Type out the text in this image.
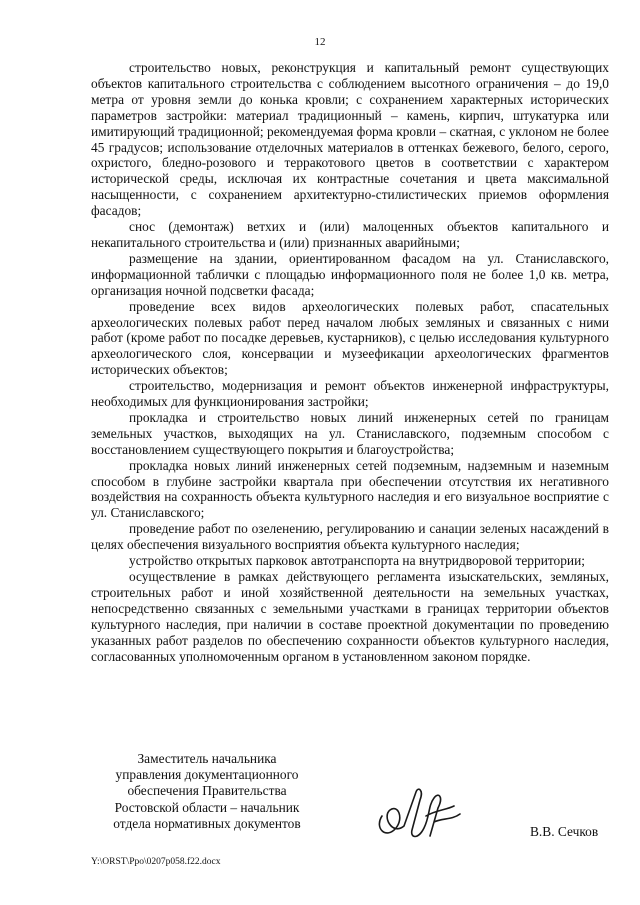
12

строительство новых, реконструкция и капитальный ремонт существующих объектов капитального строительства с соблюдением высотного ограничения – до 19,0 метра от уровня земли до конька кровли; с сохранением характерных исторических параметров застройки: материал традиционный – камень, кирпич, штукатурка или имитирующий традиционной; рекомендуемая форма кровли – скатная, с уклоном не более 45 градусов; использование отделочных материалов в оттенках бежевого, белого, серого, охристого, бледно-розового и терракотового цветов в соответствии с характером исторической среды, исключая их контрастные сочетания и цвета максимальной насыщенности, с сохранением архитектурно-стилистических приемов оформления фасадов;

снос (демонтаж) ветхих и (или) малоценных объектов капитального и некапитального строительства и (или) признанных аварийными;

размещение на здании, ориентированном фасадом на ул. Станиславского, информационной таблички с площадью информационного поля не более 1,0 кв. метра, организация ночной подсветки фасада;

проведение всех видов археологических полевых работ, спасательных археологических полевых работ перед началом любых земляных и связанных с ними работ (кроме работ по посадке деревьев, кустарников), с целью исследования культурного археологического слоя, консервации и музеефикации археологических фрагментов исторических объектов;

строительство, модернизация и ремонт объектов инженерной инфраструктуры, необходимых для функционирования застройки;

прокладка и строительство новых линий инженерных сетей по границам земельных участков, выходящих на ул. Станиславского, подземным способом с восстановлением существующего покрытия и благоустройства;

прокладка новых линий инженерных сетей подземным, надземным и наземным способом в глубине застройки квартала при обеспечении отсутствия их негативного воздействия на сохранность объекта культурного наследия и его визуальное восприятие с ул. Станиславского;

проведение работ по озеленению, регулированию и санации зеленых насаждений в целях обеспечения визуального восприятия объекта культурного наследия;

устройство открытых парковок автотранспорта на внутридворовой территории;

осуществление в рамках действующего регламента изыскательских, земляных, строительных работ и иной хозяйственной деятельности на земельных участках, непосредственно связанных с земельными участками в границах территории объектов культурного наследия, при наличии в составе проектной документации по проведению указанных работ разделов по обеспечению сохранности объектов культурного наследия, согласованных уполномоченным органом в установленном законом порядке.

Заместитель начальника
управления документационного
обеспечения Правительства
Ростовской области – начальник
отдела нормативных документов
В.В. Сечков
Y:\ORST\Ppo\0207p058.f22.docx
